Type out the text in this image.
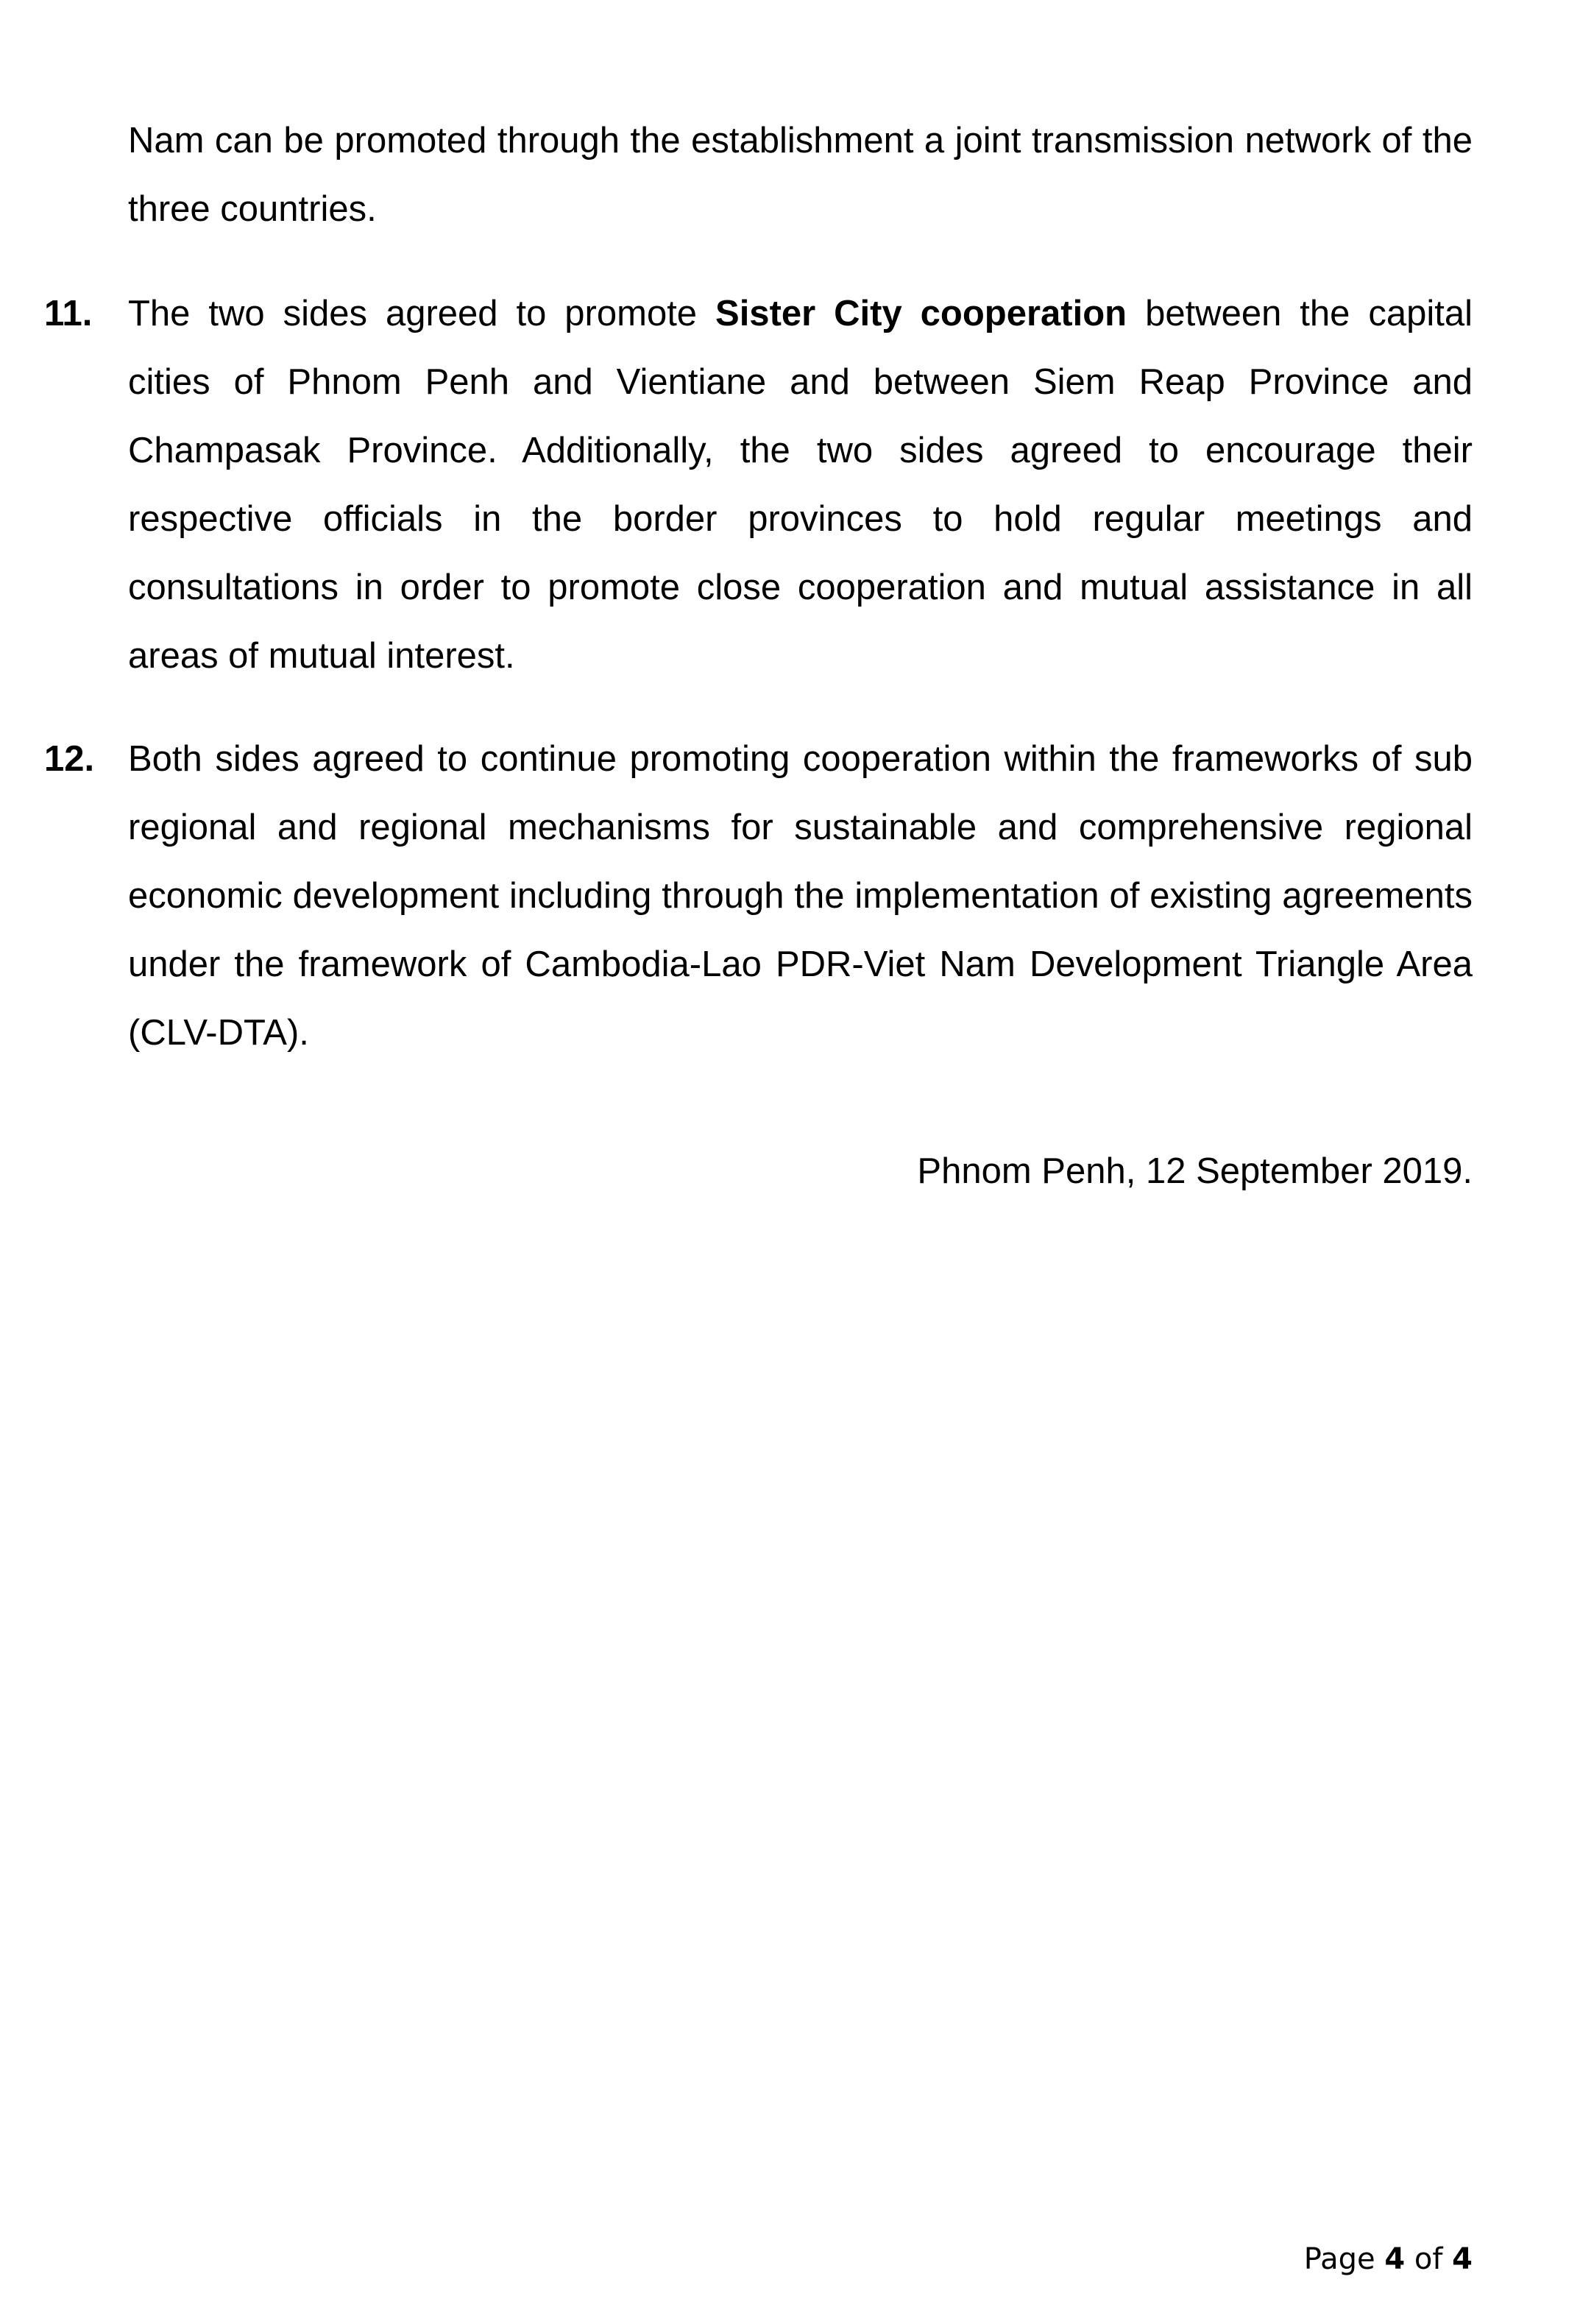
Nam can be promoted through the establishment a joint transmission network of the three countries.

11. The two sides agreed to promote Sister City cooperation between the capital cities of Phnom Penh and Vientiane and between Siem Reap Province and Champasak Province. Additionally, the two sides agreed to encourage their respective officials in the border provinces to hold regular meetings and consultations in order to promote close cooperation and mutual assistance in all areas of mutual interest.

12. Both sides agreed to continue promoting cooperation within the frameworks of sub regional and regional mechanisms for sustainable and comprehensive regional economic development including through the implementation of existing agreements under the framework of Cambodia-Lao PDR-Viet Nam Development Triangle Area (CLV-DTA).

Phnom Penh, 12 September 2019.
Page 4 of 4
